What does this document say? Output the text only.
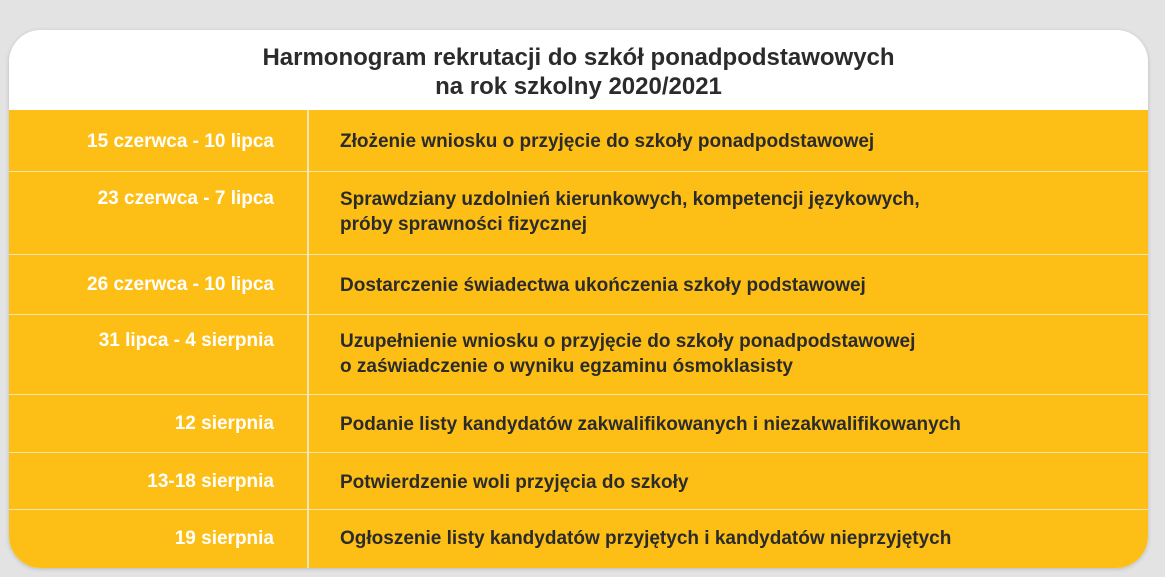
Harmonogram rekrutacji do szkół ponadpodstawowych
na rok szkolny 2020/2021
15 czerwca - 10 lipca	Złożenie wniosku o przyjęcie do szkoły ponadpodstawowej
23 czerwca - 7 lipca	Sprawdziany uzdolnień kierunkowych, kompetencji językowych,
próby sprawności fizycznej
26 czerwca - 10 lipca	Dostarczenie świadectwa ukończenia szkoły podstawowej
31 lipca - 4 sierpnia	Uzupełnienie wniosku o przyjęcie do szkoły ponadpodstawowej
o zaświadczenie o wyniku egzaminu ósmoklasisty
12 sierpnia	Podanie listy kandydatów zakwalifikowanych i niezakwalifikowanych
13-18 sierpnia	Potwierdzenie woli przyjęcia do szkoły
19 sierpnia	Ogłoszenie listy kandydatów przyjętych i kandydatów nieprzyjętych
